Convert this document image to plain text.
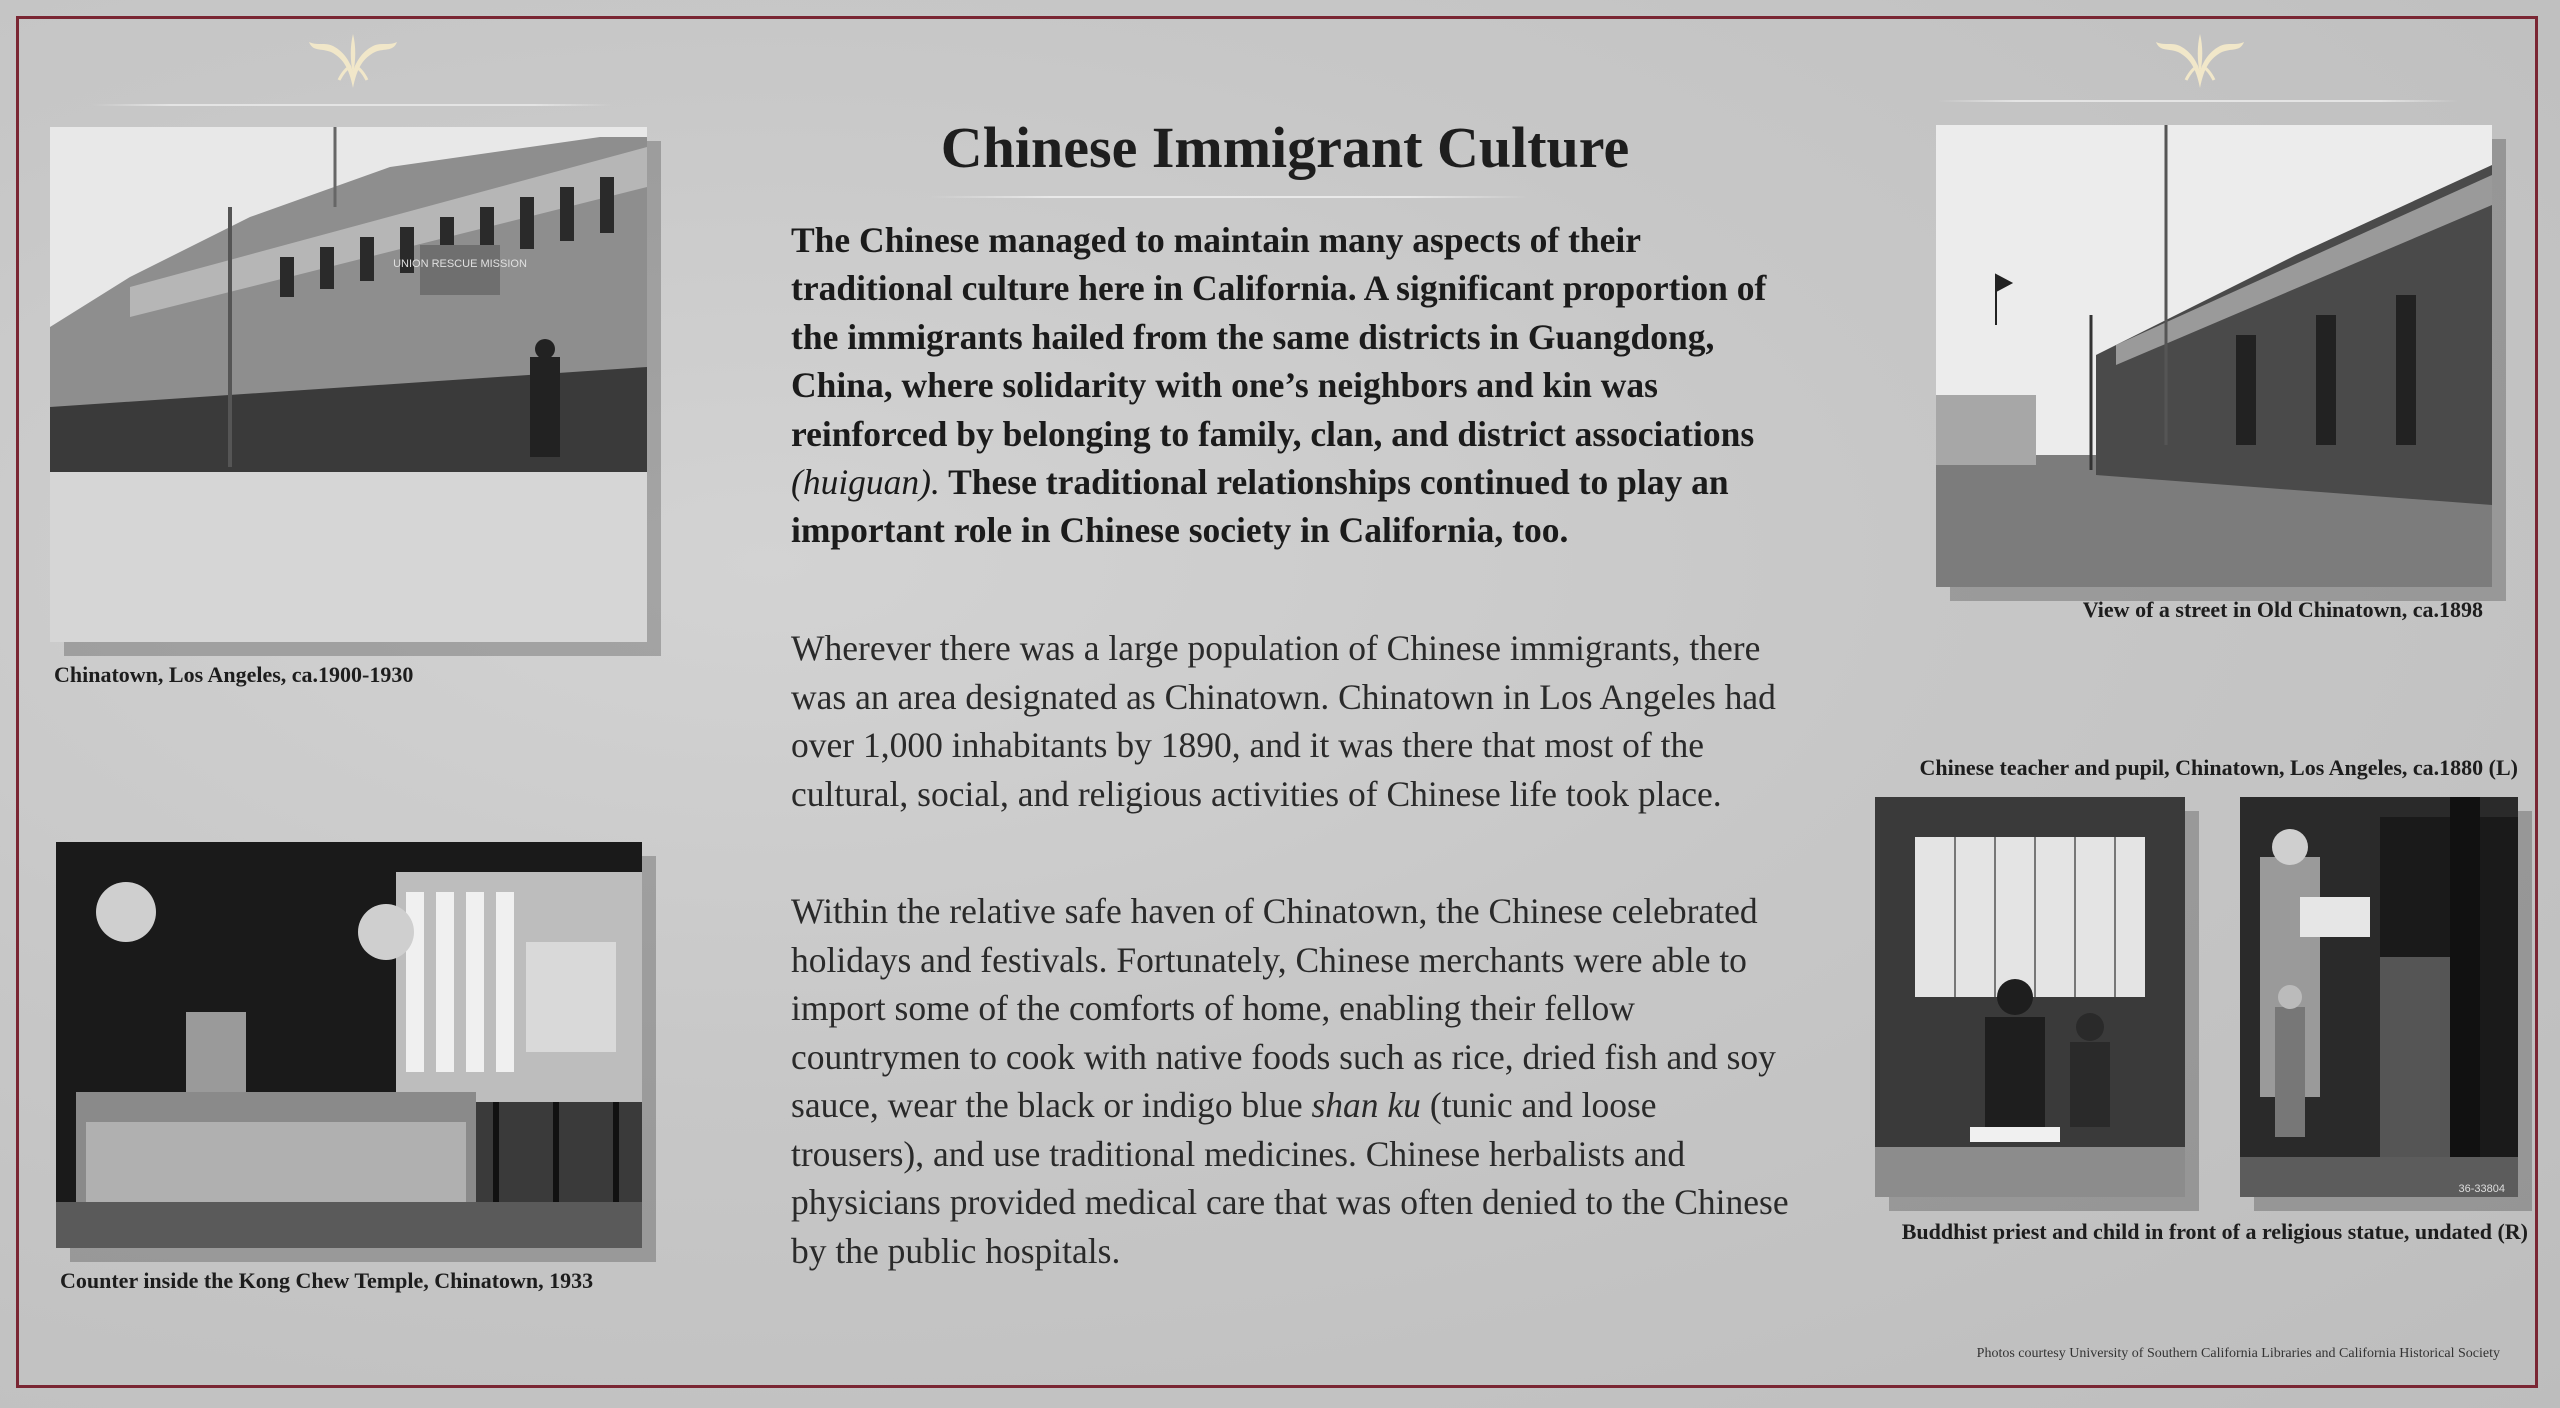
UNION RESCUE MISSION
Chinatown, Los Angeles, ca.1900-1930
Counter inside the Kong Chew Temple, Chinatown, 1933
Chinese Immigrant Culture

The Chinese managed to maintain many aspects of their traditional culture here in California. A significant proportion of the immigrants hailed from the same districts in Guangdong, China, where solidarity with one’s neighbors and kin was reinforced by belonging to family, clan, and district associations (huiguan). These traditional relationships continued to play an important role in Chinese society in California, too.

Wherever there was a large population of Chinese immigrants, there was an area designated as Chinatown. Chinatown in Los Angeles had over 1,000 inhabitants by 1890, and it was there that most of the cultural, social, and religious activities of Chinese life took place.

Within the relative safe haven of Chinatown, the Chinese celebrated holidays and festivals. Fortunately, Chinese merchants were able to import some of the comforts of home, enabling their fellow countrymen to cook with native foods such as rice, dried fish and soy sauce, wear the black or indigo blue shan ku (tunic and loose trousers), and use traditional medicines. Chinese herbalists and physicians provided medical care that was often denied to the Chinese by the public hospitals.

View of a street in Old Chinatown, ca.1898
Chinese teacher and pupil, Chinatown, Los Angeles, ca.1880 (L)
36-33804
Buddhist priest and child in front of a religious statue, undated (R)
Photos courtesy University of Southern California Libraries and California Historical Society
